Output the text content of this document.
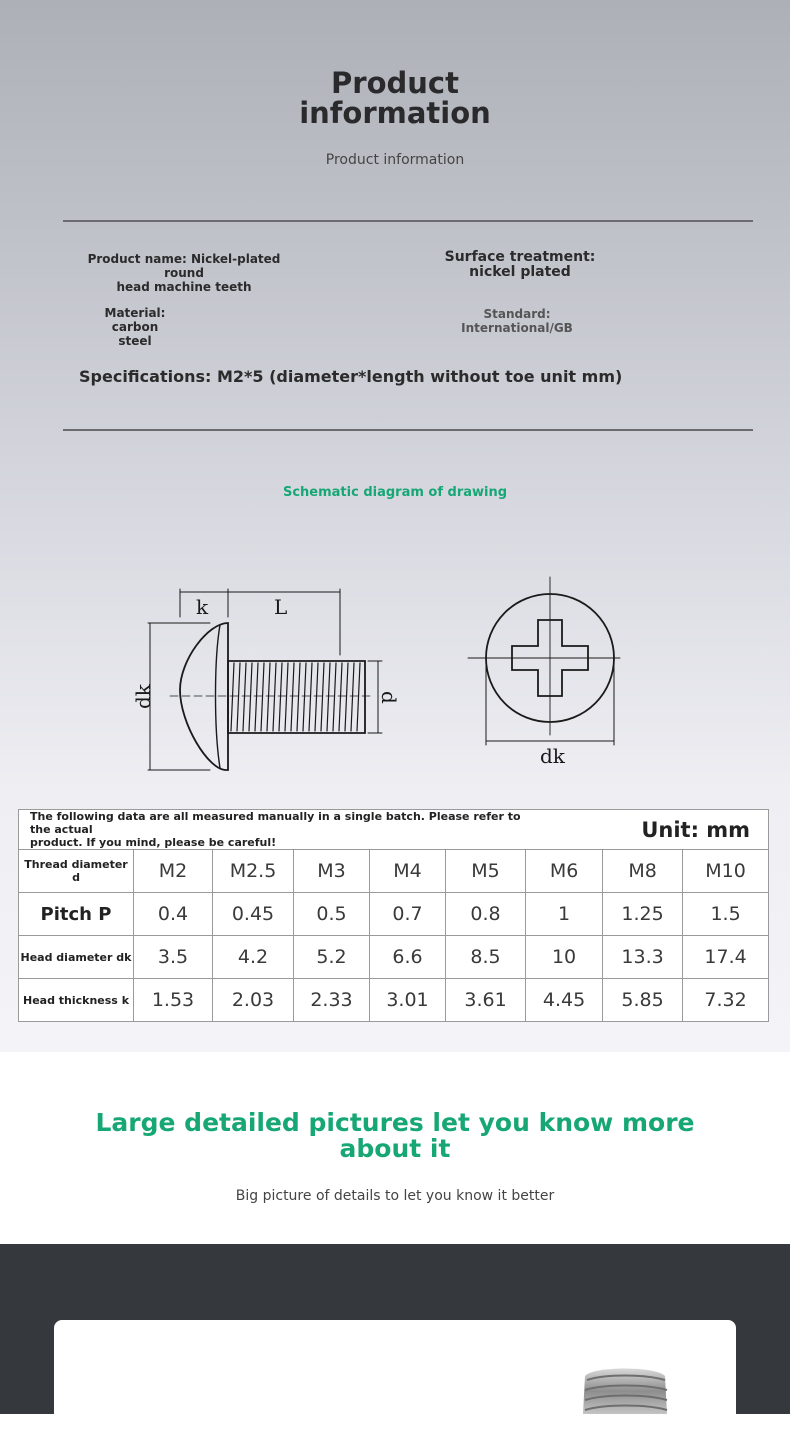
Product
information
Product information
Product name: Nickel-plated round
head machine teeth
Surface treatment:
nickel plated
Material: carbon
steel
Standard:
International/GB
Specifications: M2*5 (diameter*length without toe unit mm)
Schematic diagram of drawing
k	L
dk	d
dk
The following data are all measured manually in a single batch. Please refer to the actual
product. If you mind, please be careful!						Unit: mm		
Thread diameter d	M2	M2.5	M3	M4	M5	M6	M8	M10
Pitch P	0.4	0.45	0.5	0.7	0.8	1	1.25	1.5
Head diameter dk	3.5	4.2	5.2	6.6	8.5	10	13.3	17.4
Head thickness k	1.53	2.03	2.33	3.01	3.61	4.45	5.85	7.32
Large detailed pictures let you know more
about it
Big picture of details to let you know it better
